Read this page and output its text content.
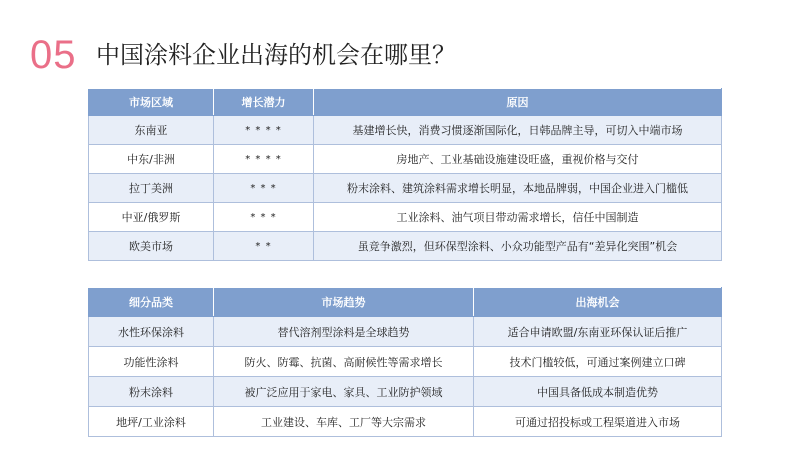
05 中国涂料企业出海的机会在哪里？
市场区域	增长潜力	原因
东南亚	* * * *	基建增长快，消费习惯逐渐国际化，日韩品牌主导，可切入中端市场
中东/非洲	* * * *	房地产、工业基础设施建设旺盛，重视价格与交付
拉丁美洲	* * *	粉末涂料、建筑涂料需求增长明显，本地品牌弱，中国企业进入门槛低
中亚/俄罗斯	* * *	工业涂料、油气项目带动需求增长，信任中国制造
欧美市场	* *	虽竞争激烈，但环保型涂料、小众功能型产品有“差异化突围”机会
细分品类	市场趋势	出海机会
水性环保涂料	替代溶剂型涂料是全球趋势	适合申请欧盟/东南亚环保认证后推广
功能性涂料	防火、防霉、抗菌、高耐候性等需求增长	技术门槛较低，可通过案例建立口碑
粉末涂料	被广泛应用于家电、家具、工业防护领域	中国具备低成本制造优势
地坪/工业涂料	工业建设、车库、工厂等大宗需求	可通过招投标或工程渠道进入市场
